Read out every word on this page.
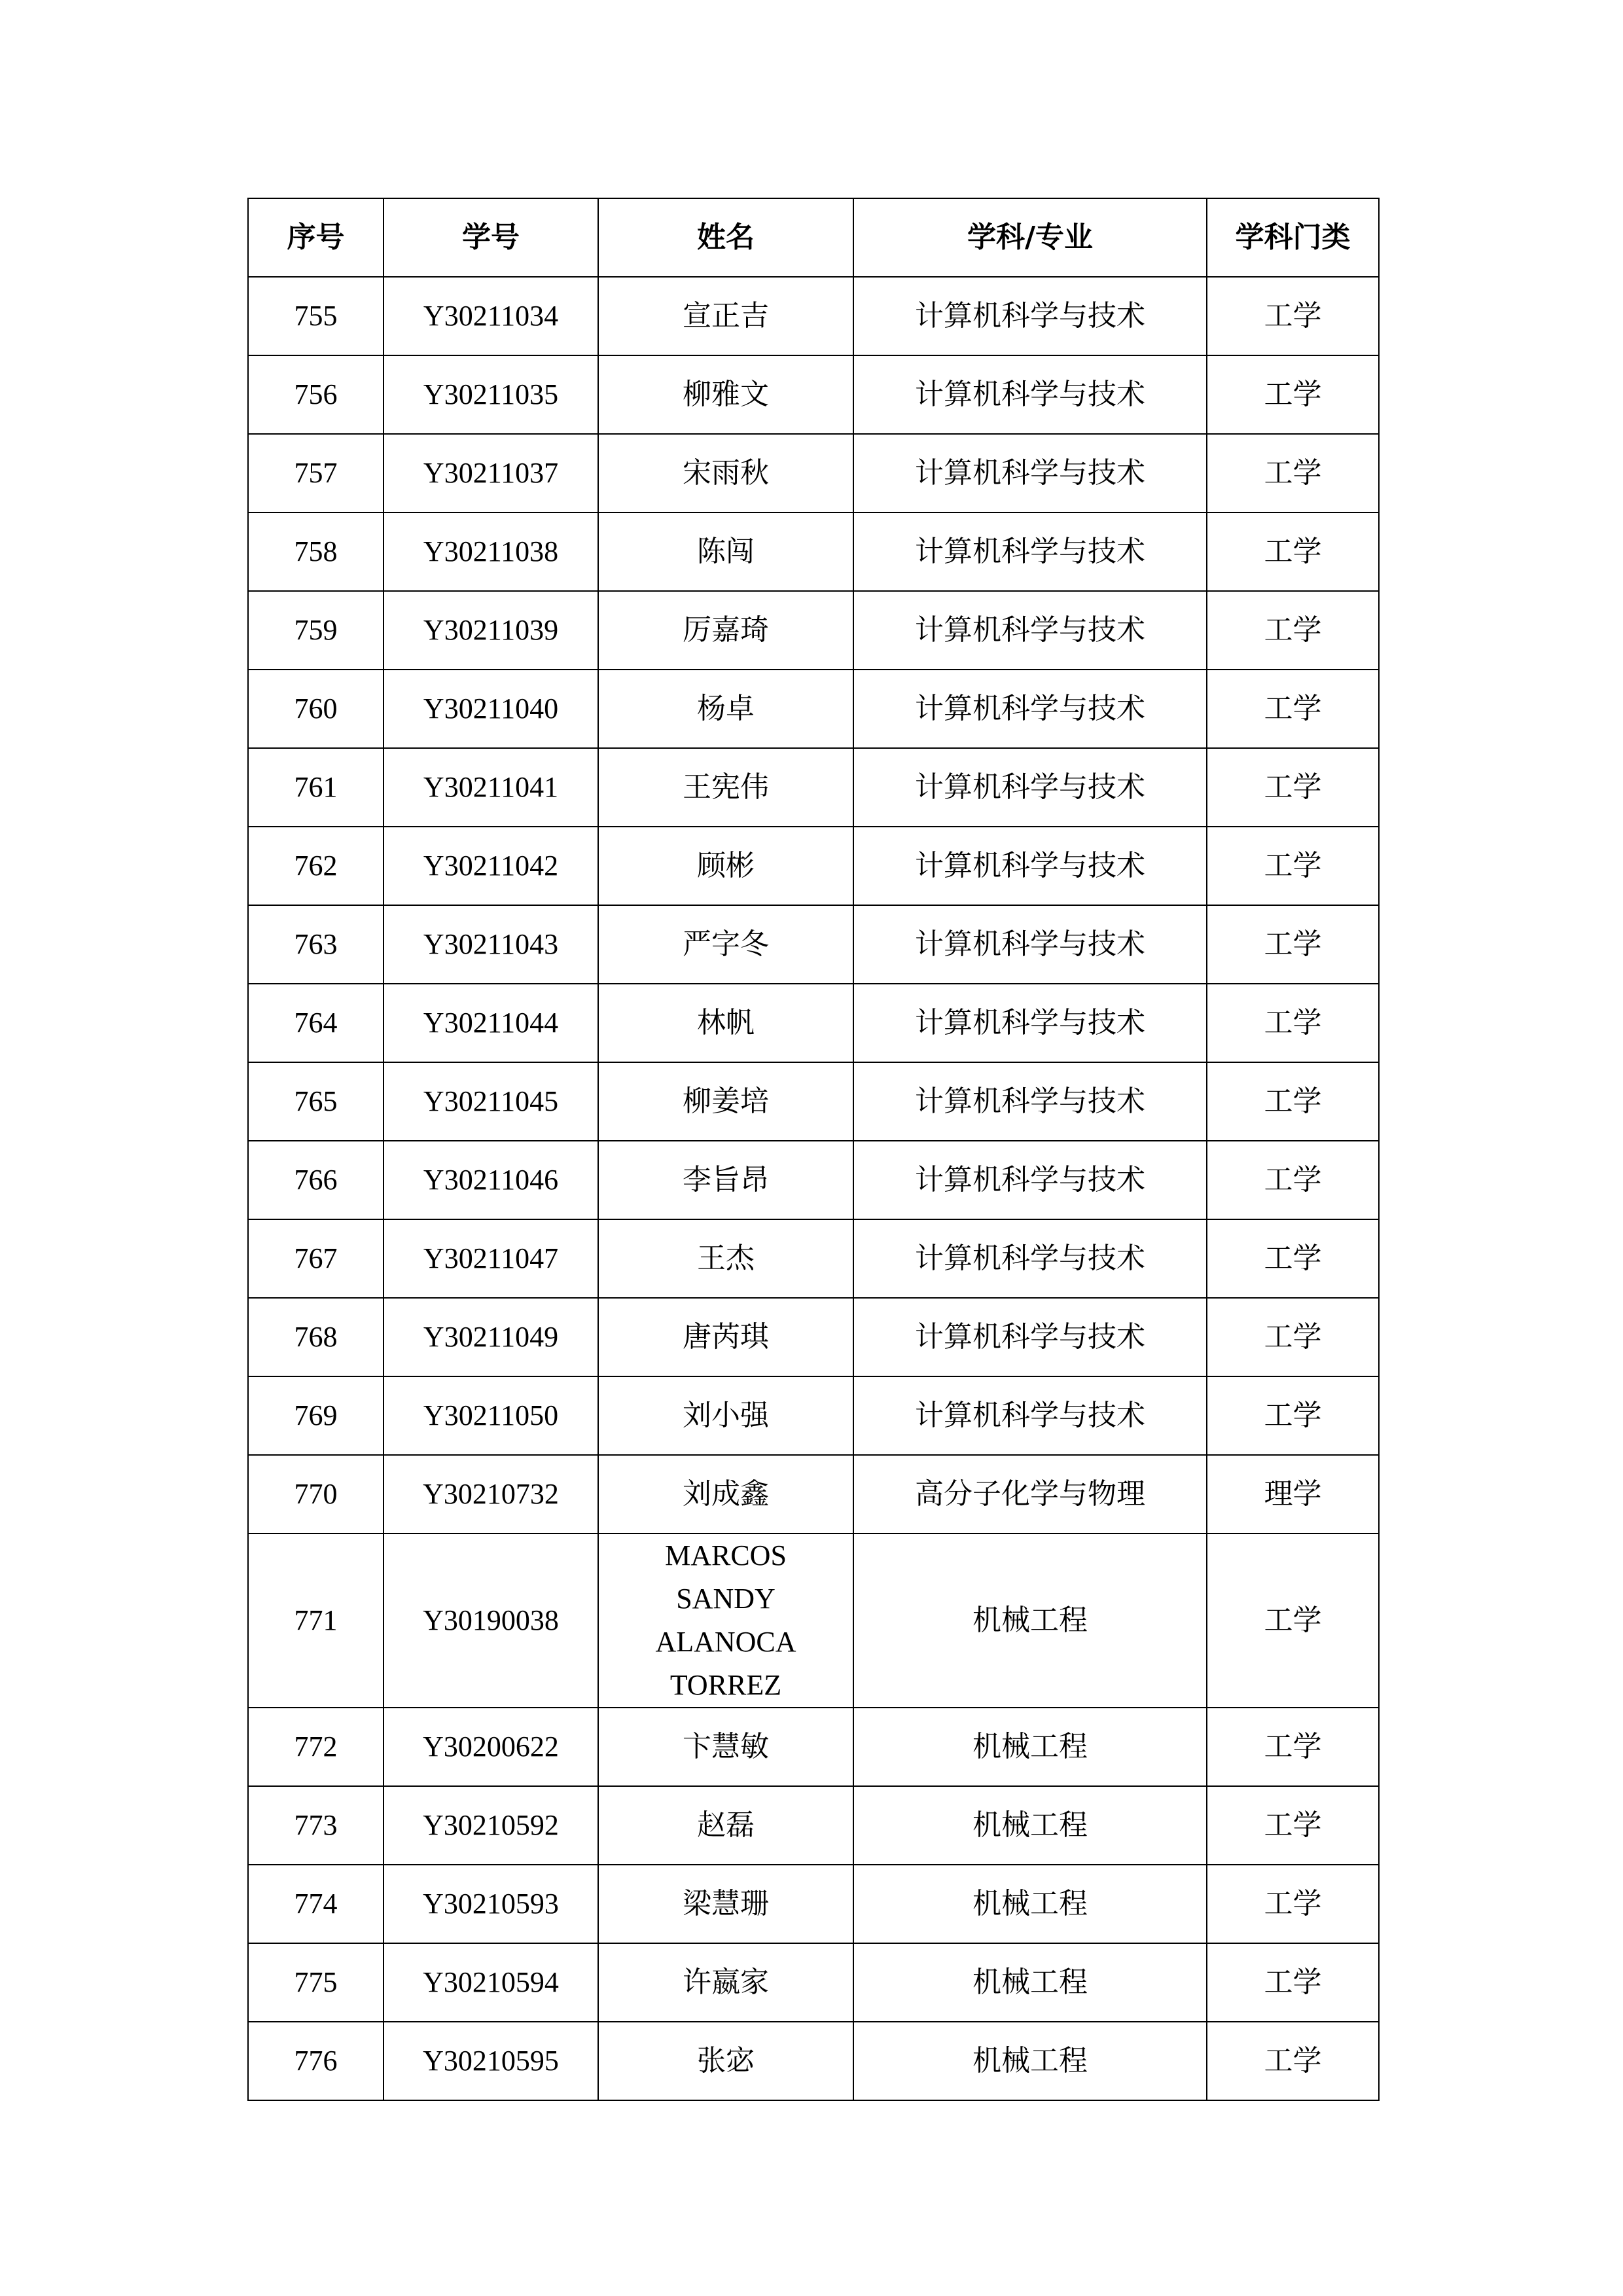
序号	学号	姓名	学科/专业	学科门类
755	Y30211034	宣正吉	计算机科学与技术	工学
756	Y30211035	柳雅文	计算机科学与技术	工学
757	Y30211037	宋雨秋	计算机科学与技术	工学
758	Y30211038	陈闯	计算机科学与技术	工学
759	Y30211039	厉嘉琦	计算机科学与技术	工学
760	Y30211040	杨卓	计算机科学与技术	工学
761	Y30211041	王宪伟	计算机科学与技术	工学
762	Y30211042	顾彬	计算机科学与技术	工学
763	Y30211043	严字冬	计算机科学与技术	工学
764	Y30211044	林帆	计算机科学与技术	工学
765	Y30211045	柳姜培	计算机科学与技术	工学
766	Y30211046	李旨昂	计算机科学与技术	工学
767	Y30211047	王杰	计算机科学与技术	工学
768	Y30211049	唐芮琪	计算机科学与技术	工学
769	Y30211050	刘小强	计算机科学与技术	工学
770	Y30210732	刘成鑫	高分子化学与物理	理学
771	Y30190038	MARCOS
SANDY
ALANOCA
TORREZ	机械工程	工学
772	Y30200622	卞慧敏	机械工程	工学
773	Y30210592	赵磊	机械工程	工学
774	Y30210593	梁慧珊	机械工程	工学
775	Y30210594	许嬴家	机械工程	工学
776	Y30210595	张宓	机械工程	工学
